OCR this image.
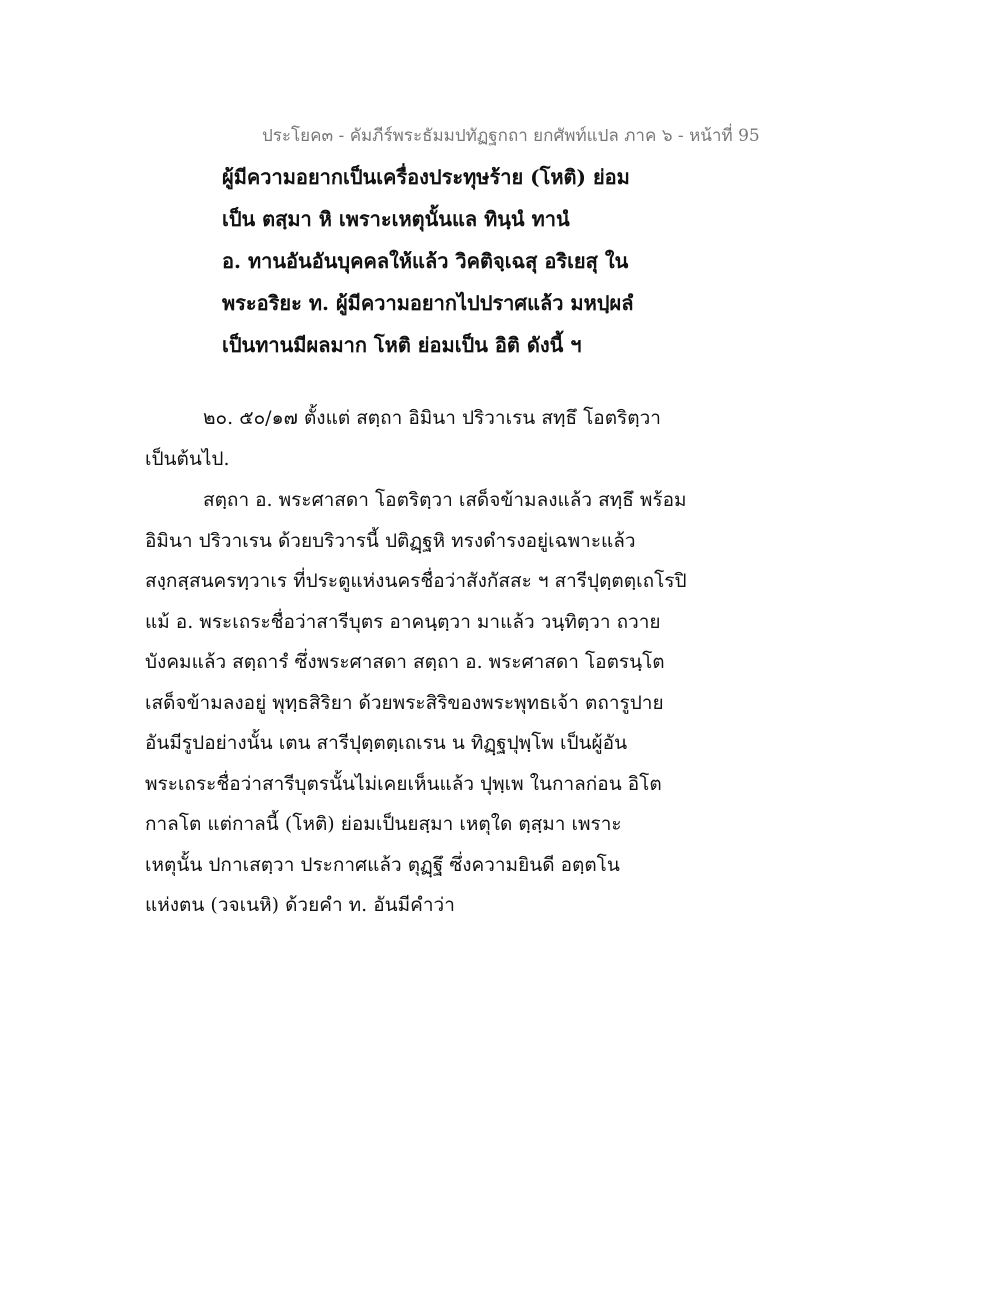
ประโยค๓ - คัมภีร์พระธัมมปทัฏฐกถา ยกศัพท์แปล ภาค ๖ - หน้าที่ 95
ผู้มีความอยากเป็นเครื่องประทุษร้าย (โหติ) ย่อม
เป็น ตสฺมา หิ เพราะเหตุนั้นแล ทินฺนํ ทานํ
อ. ทานอันอันบุคคลให้แล้ว วิคติจฺเฉสุ อริเยสุ ใน
พระอริยะ ท. ผู้มีความอยากไปปราศแล้ว มหปฺผลํ
เป็นทานมีผลมาก โหติ ย่อมเป็น อิติ ดังนี้ ฯ
๒๐. ๕๐/๑๗ ตั้งแต่ สตฺถา อิมินา ปริวาเรน สทฺธึ โอตริตฺวา
เป็นต้นไป.
สตฺถา อ. พระศาสดา โอตริตฺวา เสด็จข้ามลงแล้ว สทฺธึ พร้อม
อิมินา ปริวาเรน ด้วยบริวารนี้ ปติฏฺฐหิ ทรงดำรงอยู่เฉพาะแล้ว
สงฺกสฺสนครทฺวาเร ที่ประตูแห่งนครชื่อว่าสังกัสสะ ฯ สารีปุตฺตตฺเถโรปิ
แม้ อ. พระเถระชื่อว่าสารีบุตร อาคนฺตฺวา มาแล้ว วนฺทิตฺวา ถวาย
บังคมแล้ว สตฺถารํ ซึ่งพระศาสดา สตฺถา อ. พระศาสดา โอตรนฺโต
เสด็จข้ามลงอยู่ พุทฺธสิริยา ด้วยพระสิริของพระพุทธเจ้า ตถารูปาย
อันมีรูปอย่างนั้น เตน สารีปุตฺตตฺเถเรน น ทิฏฺฐปุพฺโพ เป็นผู้อัน
พระเถระชื่อว่าสารีบุตรนั้นไม่เคยเห็นแล้ว ปุพฺเพ ในกาลก่อน อิโต
กาลโต แต่กาลนี้ (โหติ) ย่อมเป็นยสฺมา เหตุใด ตฺสฺมา เพราะ
เหตุนั้น ปกาเสตฺวา ประกาศแล้ว ตุฏฺฐึ ซึ่งความยินดี อตฺตโน
แห่งตน (วจเนหิ) ด้วยคำ ท. อันมีคำว่า
